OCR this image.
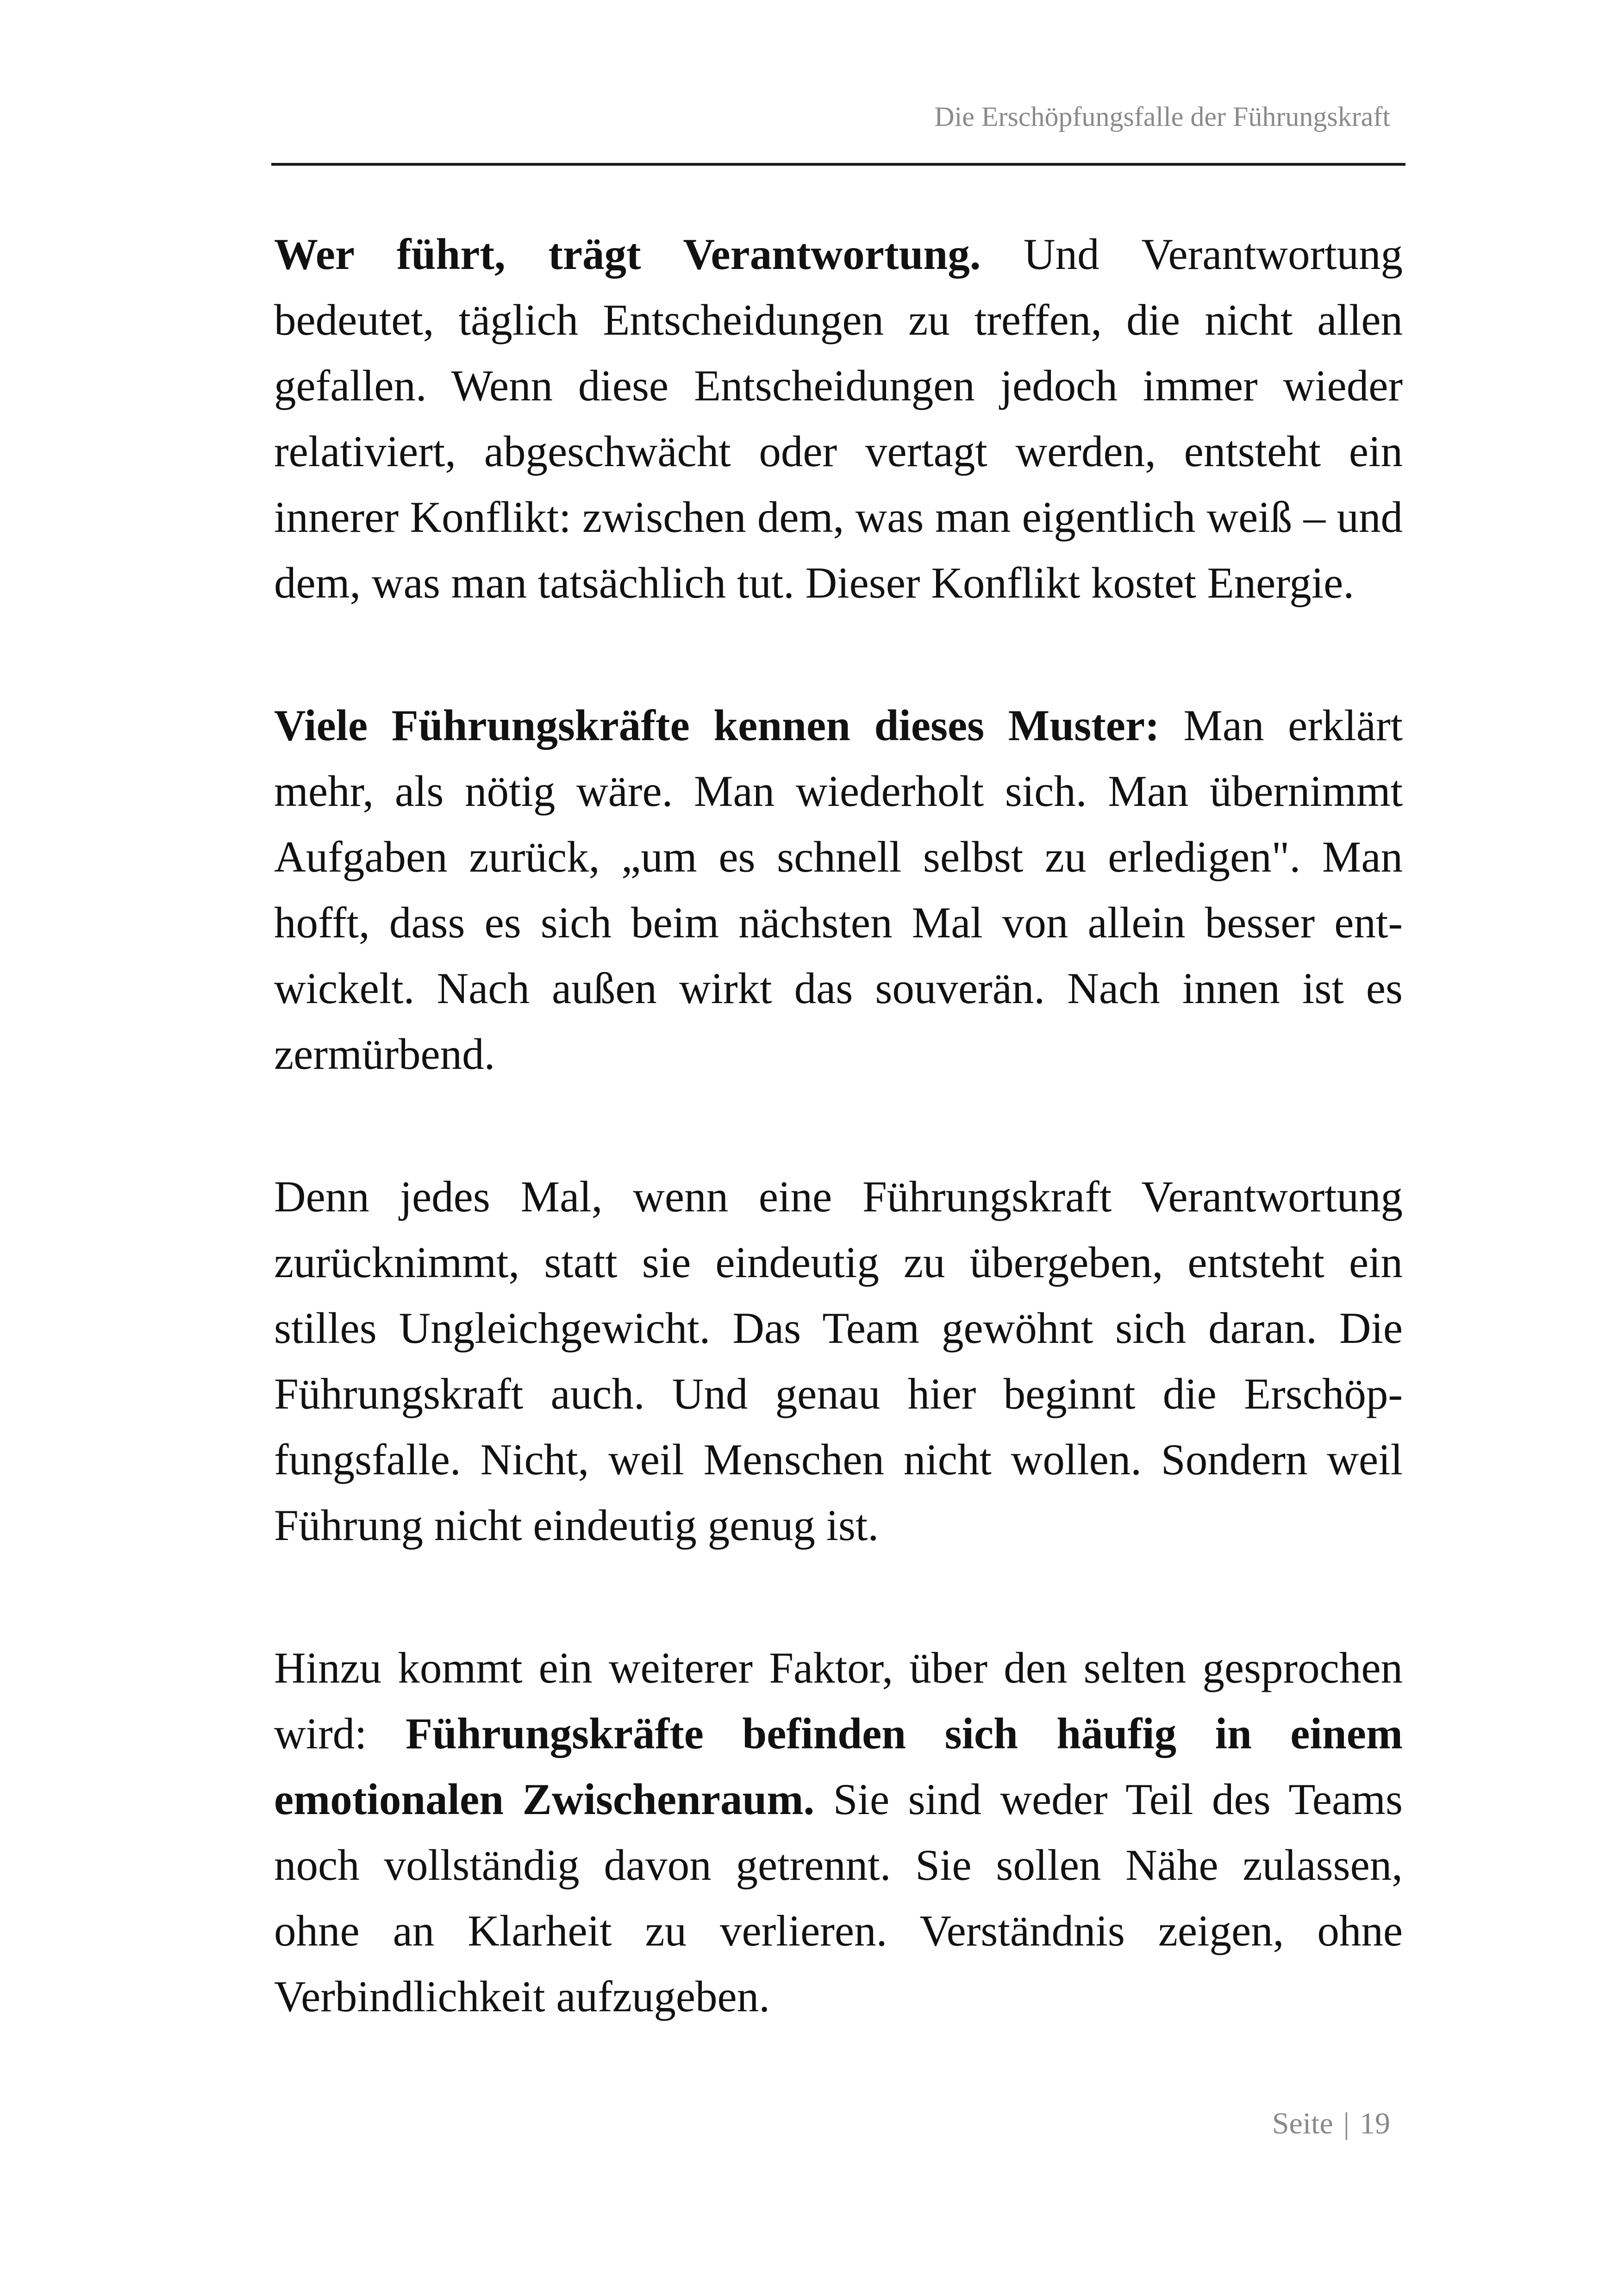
Die Erschöpfungsfalle der Führungskraft

Wer führt, trägt Verantwortung. Und Verantwortung bedeutet, täglich Entscheidungen zu treffen, die nicht allen gefallen. Wenn diese Entscheidungen jedoch immer wieder relativiert, abgeschwächt oder vertagt werden, entsteht ein innerer Konflikt: zwischen dem, was man eigentlich weiß – und dem, was man tatsächlich tut. Dieser Konflikt kostet Energie.

Viele Führungskräfte kennen dieses Muster: Man erklärt mehr, als nötig wäre. Man wiederholt sich. Man übernimmt Aufgaben zurück, „um es schnell selbst zu erledigen". Man hofft, dass es sich beim nächsten Mal von allein besser entwickelt. Nach außen wirkt das souverän. Nach innen ist es zermürbend.

Denn jedes Mal, wenn eine Führungskraft Verantwortung zurücknimmt, statt sie eindeutig zu übergeben, entsteht ein stilles Ungleichgewicht. Das Team gewöhnt sich daran. Die Führungskraft auch. Und genau hier beginnt die Erschöpfungsfalle. Nicht, weil Menschen nicht wollen. Sondern weil Führung nicht eindeutig genug ist.

Hinzu kommt ein weiterer Faktor, über den selten gesprochen wird: Führungskräfte befinden sich häufig in einem emotionalen Zwischenraum. Sie sind weder Teil des Teams noch vollständig davon getrennt. Sie sollen Nähe zulassen, ohne an Klarheit zu verlieren. Verständnis zeigen, ohne Verbindlichkeit aufzugeben.

Seite | 19
